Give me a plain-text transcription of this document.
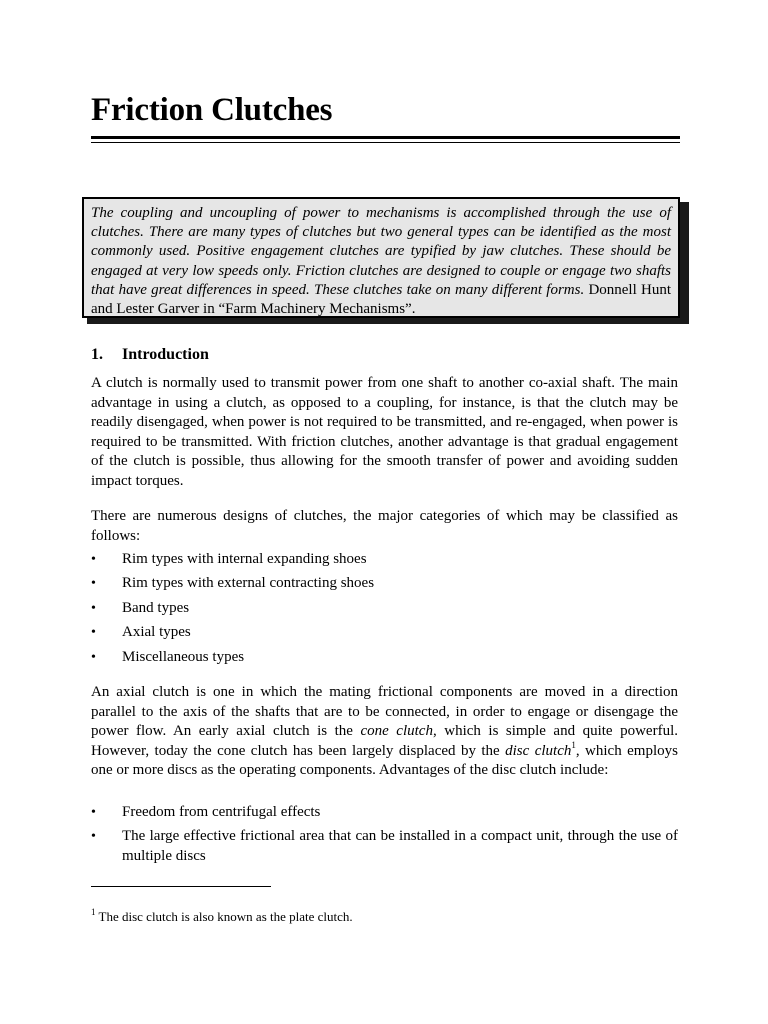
Friction Clutches
The coupling and uncoupling of power to mechanisms is accomplished through the use of clutches. There are many types of clutches but two general types can be identified as the most commonly used. Positive engagement clutches are typified by jaw clutches. These should be engaged at very low speeds only. Friction clutches are designed to couple or engage two shafts that have great differences in speed. These clutches take on many different forms. Donnell Hunt and Lester Garver in “Farm Machinery Mechanisms”.
1. Introduction

A clutch is normally used to transmit power from one shaft to another co-axial shaft. The main advantage in using a clutch, as opposed to a coupling, for instance, is that the clutch may be readily disengaged, when power is not required to be transmitted, and re-engaged, when power is required to be transmitted. With friction clutches, another advantage is that gradual engagement of the clutch is possible, thus allowing for the smooth transfer of power and avoiding sudden impact torques.

There are numerous designs of clutches, the major categories of which may be classified as follows:

•	Rim types with internal expanding shoes
•	Rim types with external contracting shoes
•	Band types
•	Axial types
•	Miscellaneous types

An axial clutch is one in which the mating frictional components are moved in a direction parallel to the axis of the shafts that are to be connected, in order to engage or disengage the power flow. An early axial clutch is the cone clutch, which is simple and quite powerful. However, today the cone clutch has been largely displaced by the disc clutch$^1$, which employs one or more discs as the operating components. Advantages of the disc clutch include:

•	Freedom from centrifugal effects
•	The large effective frictional area that can be installed in a compact unit, through the use of multiple discs

$^1$ The disc clutch is also known as the plate clutch.
